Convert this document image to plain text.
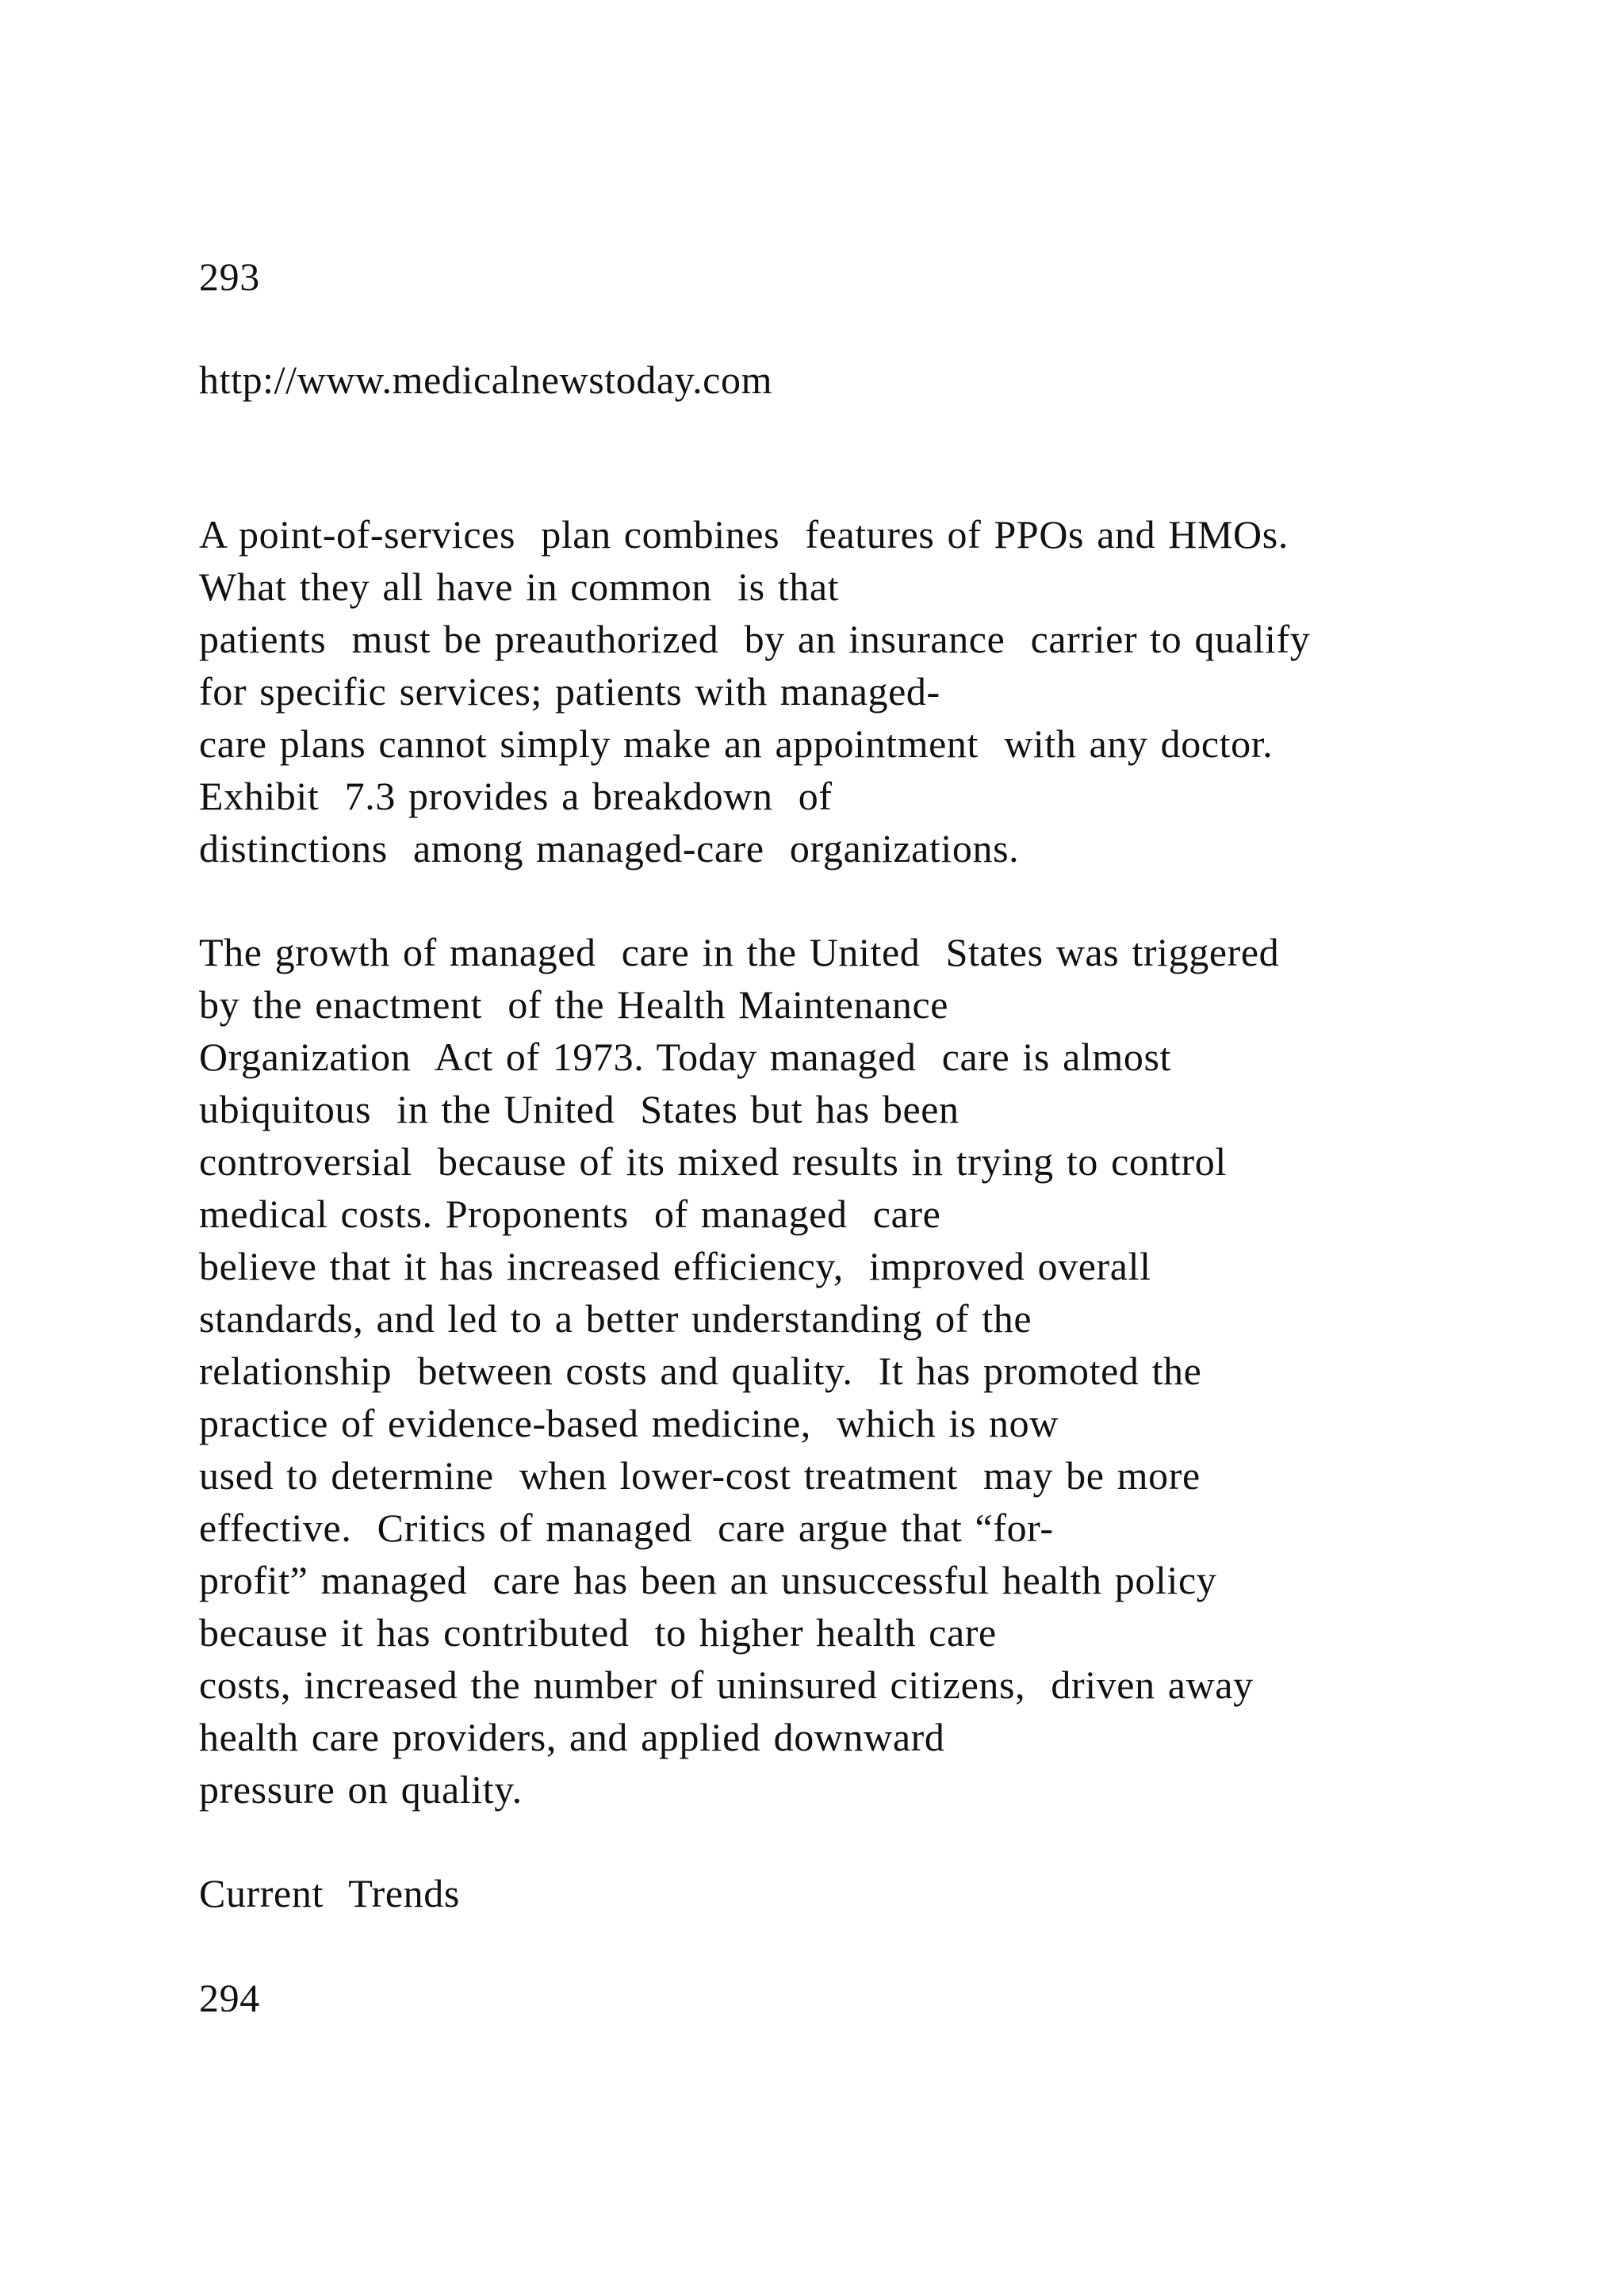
293
http://www.medicalnewstoday.com
A point-of-services  plan combines  features of PPOs and HMOs.
What they all have in common  is that
patients  must be preauthorized  by an insurance  carrier to qualify
for specific services; patients with managed-
care plans cannot simply make an appointment  with any doctor.
Exhibit  7.3 provides a breakdown  of
distinctions  among managed-care  organizations.
The growth of managed  care in the United  States was triggered
by the enactment  of the Health Maintenance
Organization  Act of 1973. Today managed  care is almost
ubiquitous  in the United  States but has been
controversial  because of its mixed results in trying to control
medical costs. Proponents  of managed  care
believe that it has increased efficiency,  improved overall
standards, and led to a better understanding of the
relationship  between costs and quality.  It has promoted the
practice of evidence-based medicine,  which is now
used to determine  when lower-cost treatment  may be more
effective.  Critics of managed  care argue that “for-
profit” managed  care has been an unsuccessful health policy
because it has contributed  to higher health care
costs, increased the number of uninsured citizens,  driven away
health care providers, and applied downward
pressure on quality.
Current  Trends
294
